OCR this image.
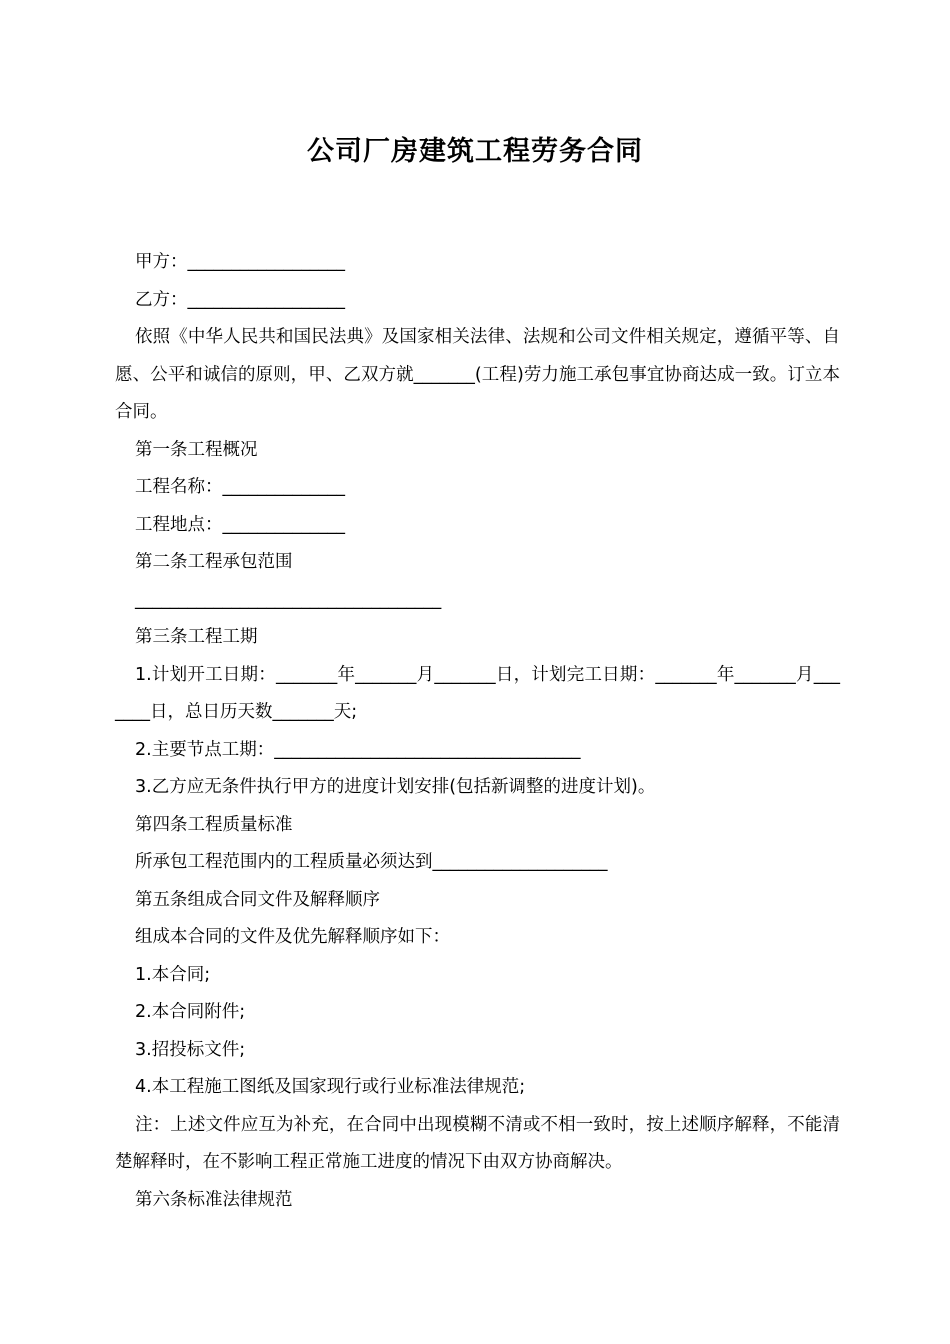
公司厂房建筑工程劳务合同

甲方：__________________

乙方：__________________

依照《中华人民共和国民法典》及国家相关法律、法规和公司文件相关规定，遵循平等、自愿、公平和诚信的原则，甲、乙双方就_______(工程)劳力施工承包事宜协商达成一致。订立本合同。

第一条工程概况

工程名称：______________

工程地点：______________

第二条工程承包范围

___________________________________

第三条工程工期

1.计划开工日期：_______年_______月_______日，计划完工日期：_______年_______月_______日，总日历天数_______天;

2.主要节点工期：___________________________________

3.乙方应无条件执行甲方的进度计划安排(包括新调整的进度计划)。

第四条工程质量标准

所承包工程范围内的工程质量必须达到____________________

第五条组成合同文件及解释顺序

组成本合同的文件及优先解释顺序如下：

1.本合同;

2.本合同附件;

3.招投标文件;

4.本工程施工图纸及国家现行或行业标准法律规范;

注：上述文件应互为补充，在合同中出现模糊不清或不相一致时，按上述顺序解释，不能清楚解释时，在不影响工程正常施工进度的情况下由双方协商解决。

第六条标准法律规范
